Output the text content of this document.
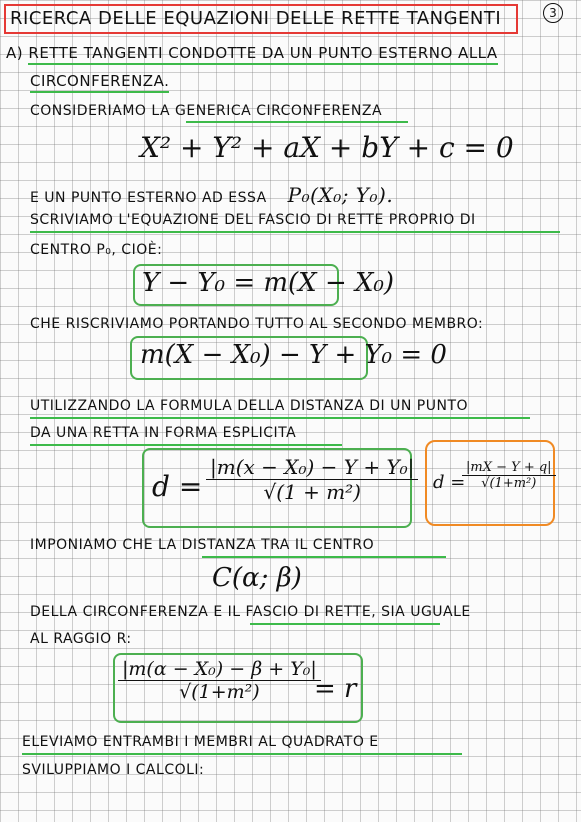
RICERCA DELLE EQUAZIONI DELLE RETTE TANGENTI	3
A) RETTE TANGENTI CONDOTTE DA UN PUNTO ESTERNO ALLA
CIRCONFERENZA.
CONSIDERIAMO LA GENERICA CIRCONFERENZA
X² + Y² + aX + bY + c = 0
E UN PUNTO ESTERNO AD ESSA P₀(X₀; Y₀).
SCRIVIAMO L'EQUAZIONE DEL FASCIO DI RETTE PROPRIO DI
CENTRO P₀, CIOÈ:
Y − Y₀ = m(X − X₀)
CHE RISCRIVIAMO PORTANDO TUTTO AL SECONDO MEMBRO:
m(X − X₀) − Y + Y₀ = 0
UTILIZZANDO LA FORMULA DELLA DISTANZA DI UN PUNTO
DA UNA RETTA IN FORMA ESPLICITA
$d = \frac{\text{|m(x − X₀) − Y + Y₀|}}{\text{√(1 + m²)}}$ d =
$\frac{|mX - Y + q|}{\text{√(1+m²)}}$
IMPONIAMO CHE LA DISTANZA TRA IL CENTRO
C(α; β)
DELLA CIRCONFERENZA E IL FASCIO DI RETTE, SIA UGUALE
AL RAGGIO R:
$\frac{\text{|m(α − X₀) − β + Y₀|}}{\text{√(1+m²)}}$
= r
ELEVIAMO ENTRAMBI I MEMBRI AL QUADRATO E
SVILUPPIAMO I CALCOLI:
